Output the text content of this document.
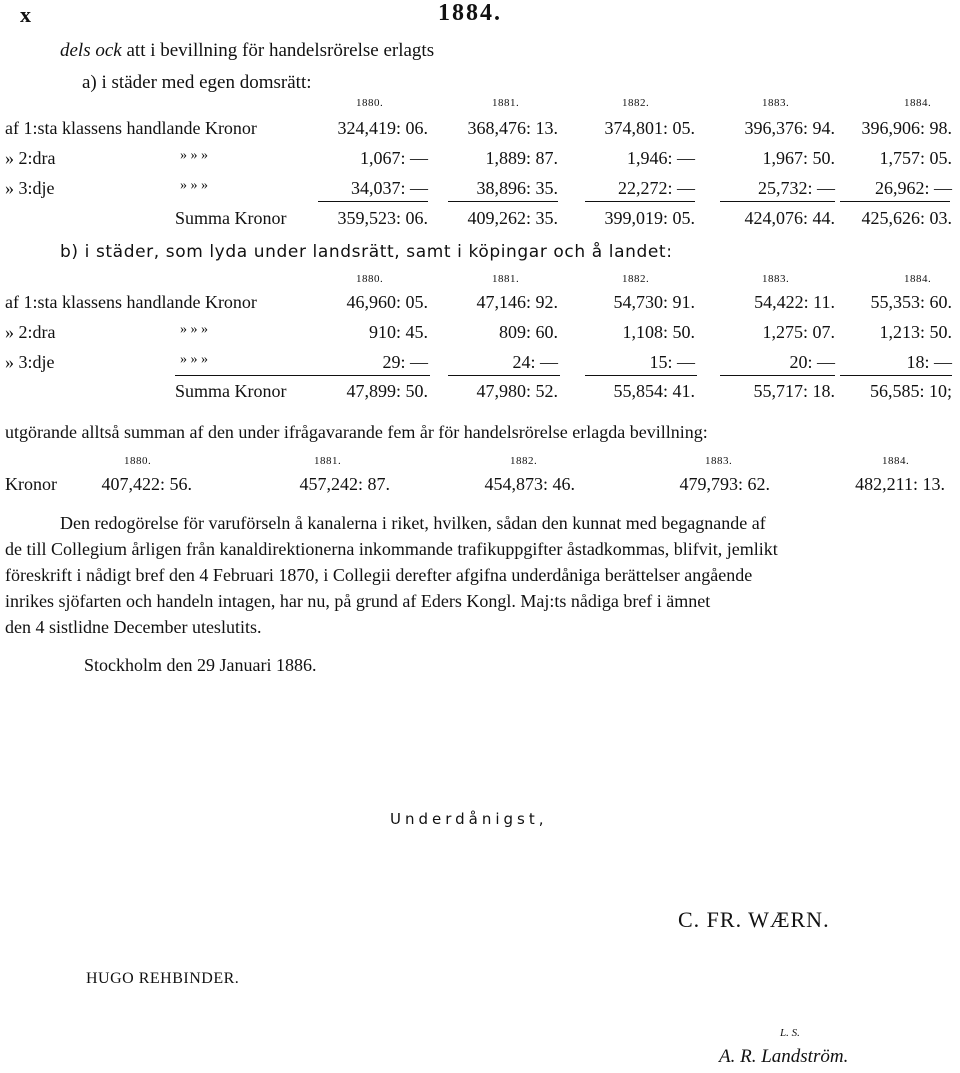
x	1884.
dels ock att i bevillning för handelsrörelse erlagts
a) i städer med egen domsrätt:
1880.	1881.	1882.	1883.	1884.
af 1:sta klassens handlande Kronor	324,419: 06. 368,476: 13.	374,801: 05.	396,376: 94. 396,906: 98.
» 2:dra	» » »	1,067: —	1,889: 87.	1,946: —	1,967: 50. 1,757: 05.
» 3:dje	» » »	34,037: —	38,896: 35.	22,272: —	25,732: — 26,962: —
Summa Kronor	359,523: 06. 409,262: 35.	399,019: 05.	424,076: 44. 425,626: 03.
b) i städer, som lyda under landsrätt, samt i köpingar och å landet:
1880.	1881.	1882.	1883.	1884.
af 1:sta klassens handlande Kronor	46,960: 05.	47,146: 92.	54,730: 91.	54,422: 11. 55,353: 60.
» 2:dra	» » »	910: 45.	809: 60.	1,108: 50.	1,275: 07. 1,213: 50.
» 3:dje	» » »	29: —	24: —	15: —	20: —	18: —
Summa Kronor	47,899: 50.	47,980: 52.	55,854: 41.	55,717: 18. 56,585: 10;
utgörande alltså summan af den under ifrågavarande fem år för handelsrörelse erlagda bevillning:
1880.	1881.	1882.	1883.	1884.
Kronor 407,422: 56.	457,242: 87.	454,873: 46.	479,793: 62.	482,211: 13.
Den redogörelse för varuförseln å kanalerna i riket, hvilken, sådan den kunnat med begagnande af
de till Collegium årligen från kanaldirektionerna inkommande trafikuppgifter åstadkommas, blifvit, jemlikt
föreskrift i nådigt bref den 4 Februari 1870, i Collegii derefter afgifna underdåniga berättelser angående
inrikes sjöfarten och handeln intagen, har nu, på grund af Eders Kongl. Maj:ts nådiga bref i ämnet
den 4 sistlidne December uteslutits.
Stockholm den 29 Januari 1886.
Underdånigst,
C. FR. WÆRN.
HUGO REHBINDER.
L. S.
A. R. Landström.
